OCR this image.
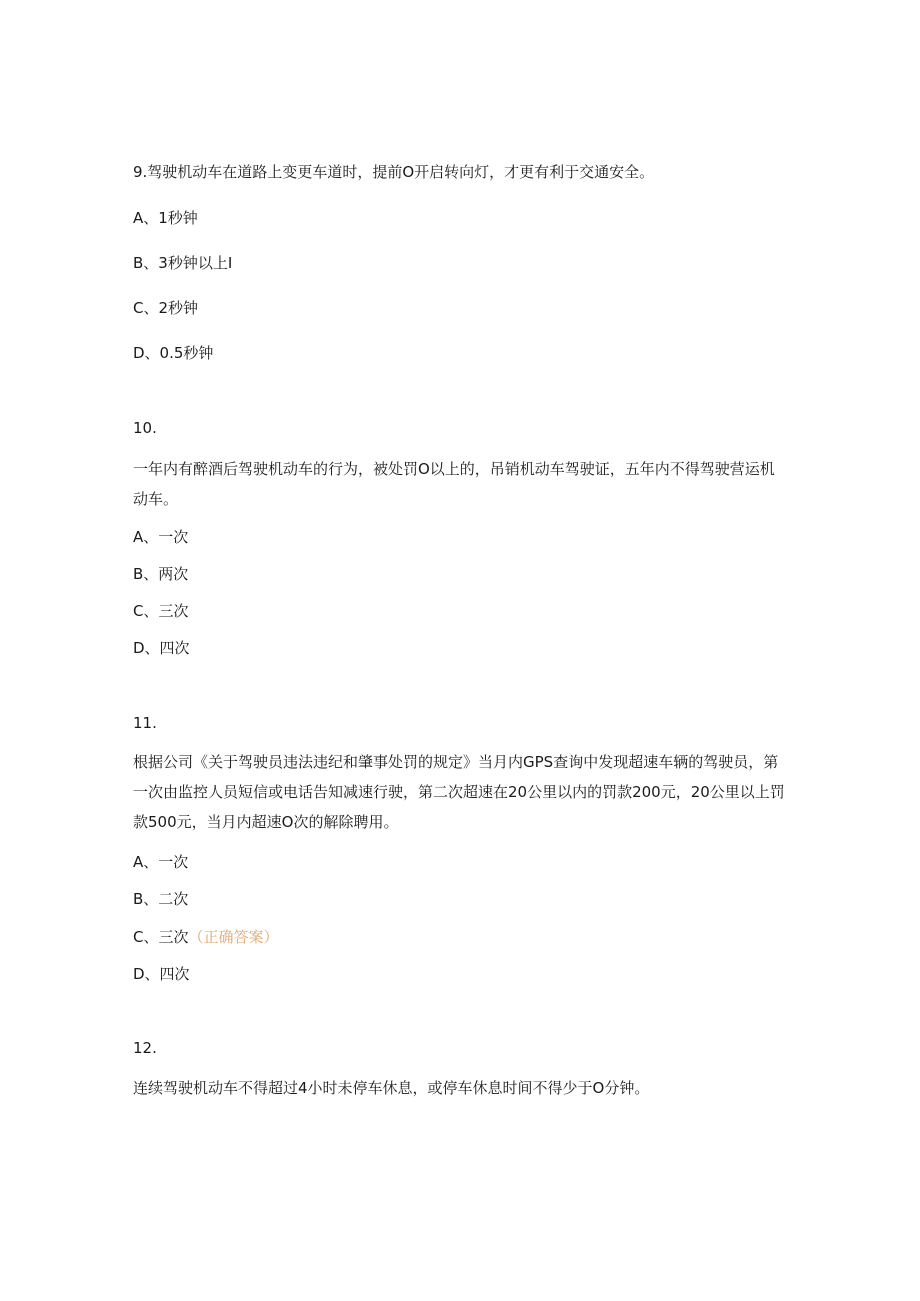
9.驾驶机动车在道路上变更车道时，提前O开启转向灯，才更有利于交通安全。
A、1秒钟
B、3秒钟以上I
C、2秒钟
D、0.5秒钟
10.
一年内有醉酒后驾驶机动车的行为，被处罚O以上的，吊销机动车驾驶证，五年内不得驾驶营运机动车。
A、一次
B、两次
C、三次
D、四次
11.
根据公司《关于驾驶员违法违纪和肇事处罚的规定》当月内GPS查询中发现超速车辆的驾驶员，第一次由监控人员短信或电话告知减速行驶，第二次超速在20公里以内的罚款200元，20公里以上罚款500元，当月内超速O次的解除聘用。
A、一次
B、二次
C、三次（正确答案）
D、四次
12.
连续驾驶机动车不得超过4小时未停车休息，或停车休息时间不得少于O分钟。
